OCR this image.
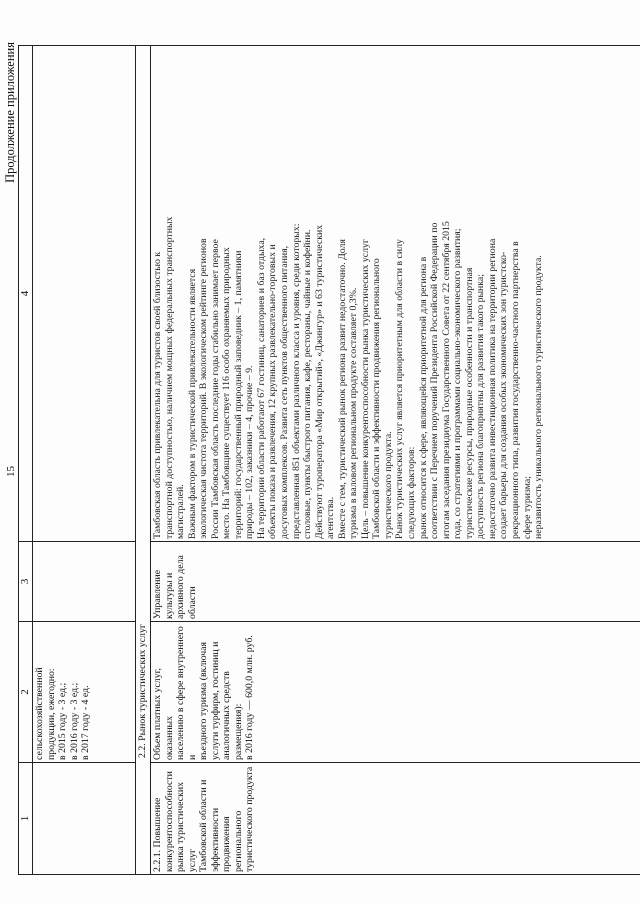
15
Продолжение приложения
1
2
3
4

сельскохозяйственной
продукции, ежегодно:
в 2015 году - 3 ед.;
в 2016 году - 3 ед.;
в 2017 году - 4 ед.	2.2. Рынок туристических услуг

2.2.1. Повышение
конкурентоспособности
рынка туристических услуг
Тамбовской области и
эффективности продвижения
регионального
туристического продукта

Объем платных услуг, оказанных
населению в сфере внутреннего и
въездного туризма (включая
услуги турфирм, гостиниц и
аналогичных средств
размещения):
в 2016 году — 600,0 млн. руб.

Управление
культуры и
архивного дела
области

Тамбовская область привлекательна для туристов своей близостью к
транспортной доступностью, наличием мощных федеральных транспортных
магистралей.
Важным фактором в туристической привлекательности является
экологическая чистота территорий. В экологическом рейтинге регионов
России Тамбовская область последние годы стабильно занимает первое
место. На Тамбовщине существует 116 особо охраняемых природных
территорий: государственный природный заповедник – 1, памятники
природы – 102, заказники – 4, прочие – 9.
На территории области работают 67 гостиниц, санаториев и баз отдыха,
объекты показа и развлечения, 12 крупных развлекательно-торговых и
досуговых комплексов. Развита сеть пунктов общественного питания,
представленная 851 объектами различного класса и уровня, среди которых:
столовые, пункты быстрого питания, кафе, рестораны, чайные и кофейни.
Действуют туроператора «Мир открытий», «Джингур» и 63 туристических
агентства.
Вместе с тем, туристический рынок региона развит недостаточно. Доля
туризма в валовом региональном продукте составляет 0,3%.
Цель – повышение конкурентоспособности рынка туристических услуг
Тамбовской области и эффективности продвижения регионального
туристического продукта.
Рынок туристических услуг является приоритетным для области в силу
следующих факторов:
рынок относится к сфере, являющейся приоритетной для региона в
соответствии с Перечнем поручений Президента Российской Федерации по
итогам заседания президиума Государственного Совета от 22 сентября 2015
года, со стратегиями и программами социально-экономического развития;
туристические ресурсы, природные особенности и транспортная
доступность региона благоприятны для развития такого рынка;
недостаточно развита инвестиционная политика на территории региона
создает барьеры для создания особых экономических зон туристско-
рекреационного типа, развития государственно-частного партнерства в
сфере туризма;
неразвитость уникального регионального туристического продукта.
